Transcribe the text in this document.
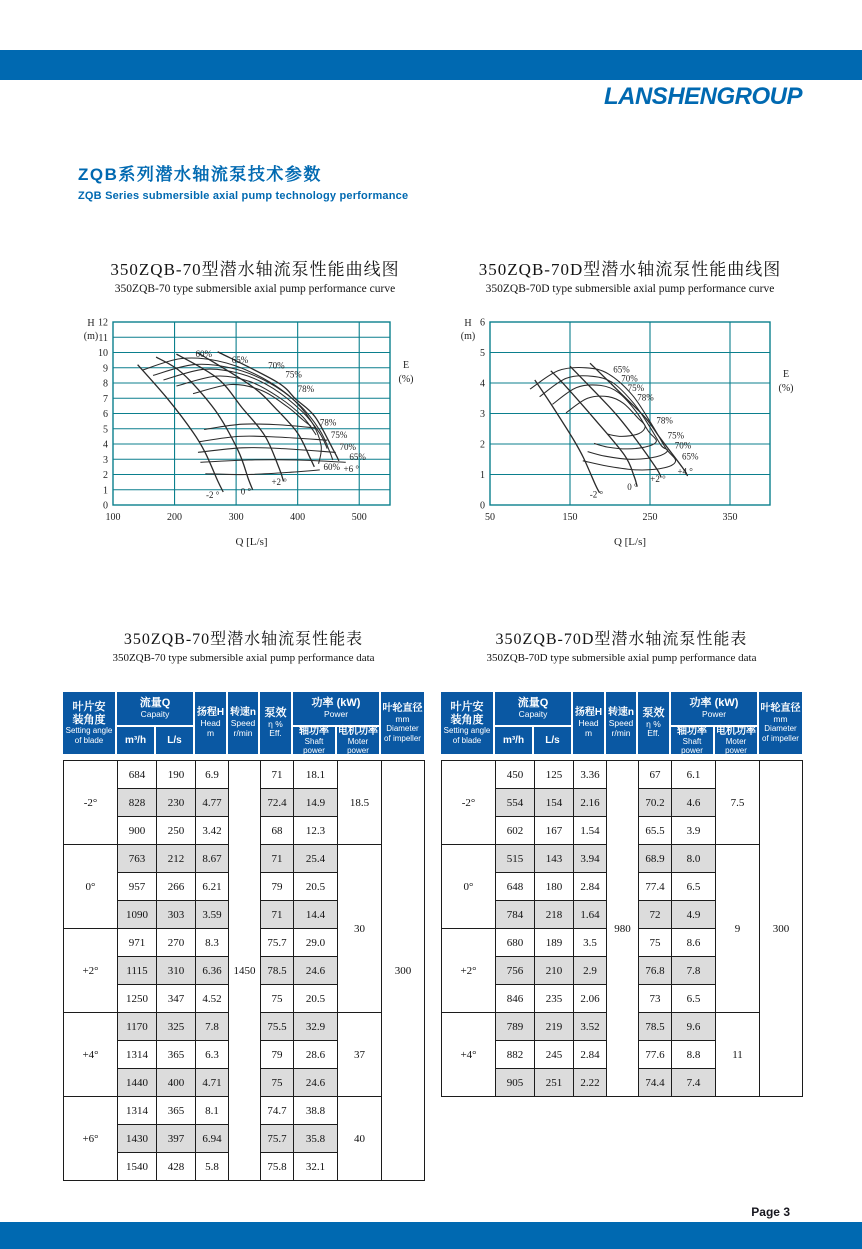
LANSHENGROUP
ZQB系列潜水轴流泵技术参数
ZQB Series submersible axial pump technology performance
350ZQB-70型潜水轴流泵性能曲线图
350ZQB-70 type submersible axial pump performance curve
350ZQB-70D型潜水轴流泵性能曲线图
350ZQB-70D type submersible axial pump performance curve
0
1
2
3
4
5
6
7
8
9
10
11
12
100	200	300	400	500
H
(m)
E
(%)
Q [L/s]
-2 ° 0 °
+2 °
+6 °
60%
65%
70%
75%
78%
78%
75%
70%
65%
60%
0
1
2
3
4
5
6
50	150	250	350
H
(m)
E
(%)
Q [L/s]
-2 °
0 °
+2 °
+4 °
65%
70%
75%
78%
78%
75%
70%
65%
350ZQB-70型潜水轴流泵性能表
350ZQB-70 type submersible axial pump performance data
350ZQB-70D型潜水轴流泵性能表
350ZQB-70D type submersible axial pump performance data
叶片安
装角度
Setting angle
of blade
流量Q
Capaity
m³/h L/s
扬程H
Head
m
转速n
Speed
r/min
泵效
η %
Eff.
功率 (kW)
Power
轴功率
Shaft power
电机功率
Moter power
叶轮直径
mm
Diameter
of impeller
-2°	684	190	6.9	1450	71	18.1	18.5	300
	828	230	4.77		72.4	14.9		
	900	250	3.42		68	12.3		
0°	763	212	8.67		71	25.4	30	
	957	266	6.21		79	20.5		
	1090	303	3.59		71	14.4		
+2°	971	270	8.3		75.7	29.0		
	1115	310	6.36		78.5	24.6		
	1250	347	4.52		75	20.5		
+4°	1170	325	7.8		75.5	32.9	37	
	1314	365	6.3		79	28.6		
	1440	400	4.71		75	24.6		
+6°	1314	365	8.1		74.7	38.8	40	
	1430	397	6.94		75.7	35.8		
	1540	428	5.8		75.8	32.1		
叶片安
装角度
Setting angle
of blade
流量Q
Capaity
m³/h L/s
扬程H
Head
m
转速n
Speed
r/min
泵效
η %
Eff.
功率 (kW)
Power
轴功率
Shaft power
电机功率
Moter power
叶轮直径
mm
Diameter
of impeller
-2°	450	125	3.36	980	67	6.1	7.5	300
	554	154	2.16		70.2	4.6		
	602	167	1.54		65.5	3.9		
0°	515	143	3.94		68.9	8.0	9	
	648	180	2.84		77.4	6.5		
	784	218	1.64		72	4.9		
+2°	680	189	3.5		75	8.6		
	756	210	2.9		76.8	7.8		
	846	235	2.06		73	6.5		
+4°	789	219	3.52		78.5	9.6	11	
	882	245	2.84		77.6	8.8		
	905	251	2.22		74.4	7.4		
Page 3
